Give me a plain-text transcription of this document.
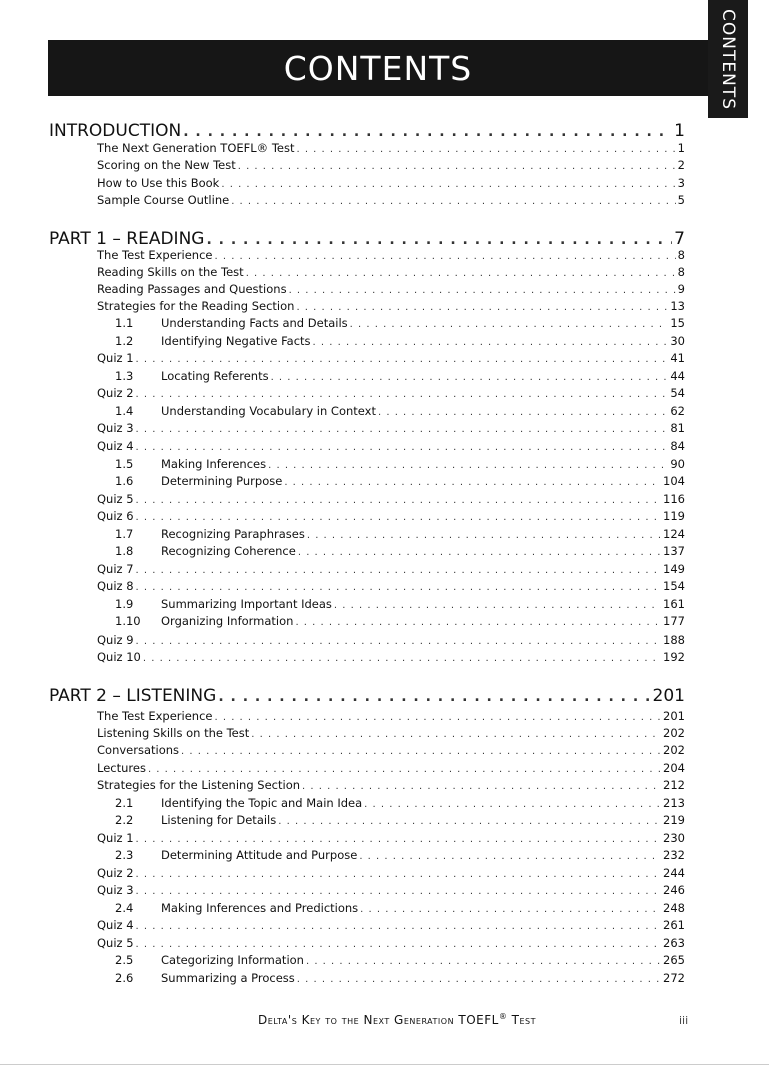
CONTENTS	CONTENTS
INTRODUCTION . . .	1
The Next Generation TOEFL® Test . . .	1
Scoring on the New Test . . .	2
How to Use this Book . . .	3
Sample Course Outline . . .	5
PART 1 – READING . . .	7
The Test Experience . . .	8
Reading Skills on the Test . . .	8
Reading Passages and Questions . . .	9
Strategies for the Reading Section . . .	13
1.1	Understanding Facts and Details . . .	15
1.2	Identifying Negative Facts . . .	30
Quiz 1 . . .	41
1.3	Locating Referents . . .	44
Quiz 2 . . .	54
1.4	Understanding Vocabulary in Context . . .	62
Quiz 3 . . .	81
Quiz 4 . . .	84
1.5	Making Inferences . . .	90
1.6	Determining Purpose . . .	104
Quiz 5 . . .	116
Quiz 6 . . .	119
1.7	Recognizing Paraphrases . . .	124
1.8	Recognizing Coherence . . .	137
Quiz 7 . . .	149
Quiz 8 . . .	154
1.9	Summarizing Important Ideas . . .	161
1.10	Organizing Information . . .	177
Quiz 9 . . .	188
Quiz 10 . . .	192
PART 2 – LISTENING . . .	201
The Test Experience . . .	201
Listening Skills on the Test . . .	202
Conversations . . .	202
Lectures . . .	204
Strategies for the Listening Section . . .	212
2.1	Identifying the Topic and Main Idea . . .	213
2.2	Listening for Details . . .	219
Quiz 1 . . .	230
2.3	Determining Attitude and Purpose . . .	232
Quiz 2 . . .	244
Quiz 3 . . .	246
2.4	Making Inferences and Predictions . . .	248
Quiz 4 . . .	261
Quiz 5 . . .	263
2.5	Categorizing Information . . .	265
2.6	Summarizing a Process . . .	272
Delta's Key to the Next Generation TOEFL® Test	iii
